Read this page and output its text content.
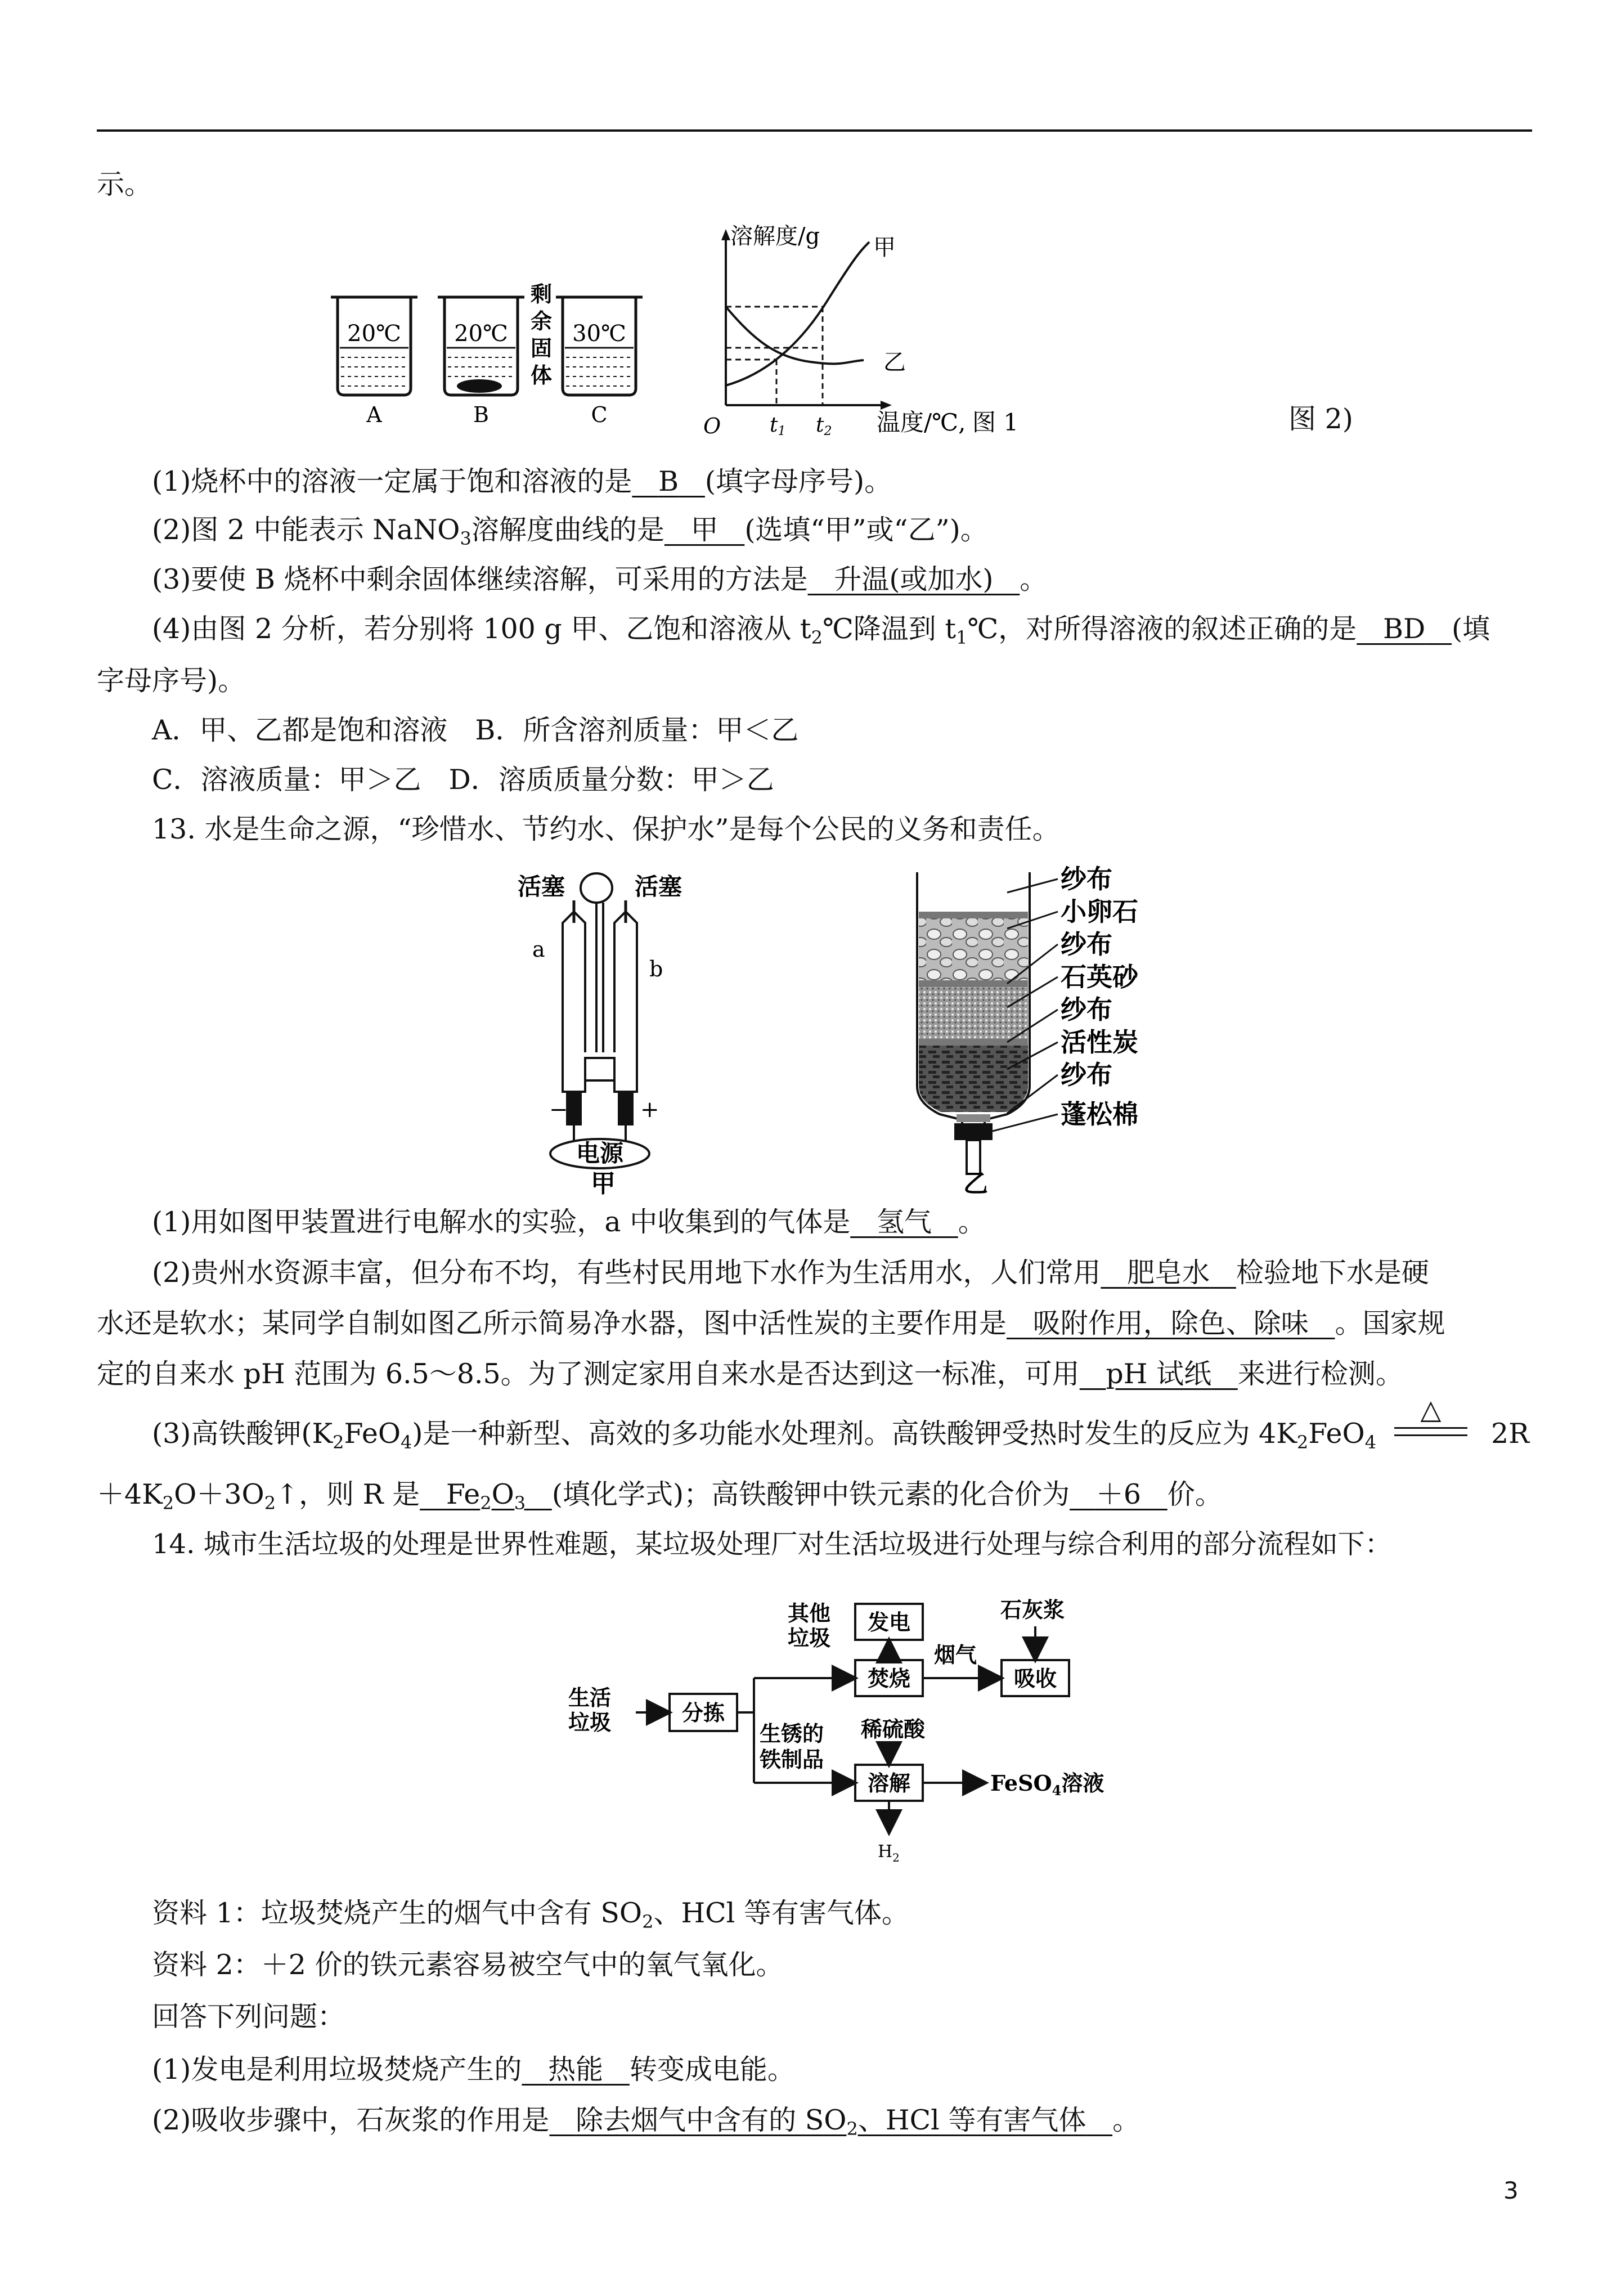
示。
20℃
A
20℃
B
剩
余
固
体
30℃
C
溶解度/g 甲
乙
O t1 t2 温度/℃, 图 1	图 2)
(1)烧杯中的溶液一定属于饱和溶液的是 B (填字母序号)。
(2)图 2 中能表示 NaNO$_3$溶解度曲线的是 甲 (选填“甲”或“乙”)。
(3)要使 B 烧杯中剩余固体继续溶解，可采用的方法是 升温(或加水) 。
(4)由图 2 分析，若分别将 100 g 甲、乙饱和溶液从 $t_2℃$降温到 $t_1℃$，对所得溶液的叙述正确的是 BD (填
字母序号)。
A．甲、乙都是饱和溶液　B．所含溶剂质量：甲＜乙
C．溶液质量：甲＞乙　D．溶质质量分数：甲＞乙
13. 水是生命之源，“珍惜水、节约水、保护水”是每个公民的义务和责任。
活塞	活塞
a
b
−	+
电源
甲
纱布
小卵石
纱布
石英砂
纱布
活性炭
纱布
蓬松棉
乙
(1)用如图甲装置进行电解水的实验，a 中收集到的气体是 氢气 。
(2)贵州水资源丰富，但分布不均，有些村民用地下水作为生活用水，人们常用 肥皂水 检验地下水是硬
水还是软水；某同学自制如图乙所示简易净水器，图中活性炭的主要作用是 吸附作用，除色、除味 。国家规
定的自来水 pH 范围为 6.5～8.5。为了测定家用自来水是否达到这一标准，可用 pH 试纸 来进行检测。
(3)高铁酸钾$(K_2FeO_4)$是一种新型、高效的多功能水处理剂。高铁酸钾受热时发生的反应为 $4K_2FeO_4$
△
2R
$+4K_2O+3O_2↑$，则 R 是 $Fe_2O_3$ (填化学式)；高铁酸钾中铁元素的化合价为 ＋6 价。
14. 城市生活垃圾的处理是世界性难题，某垃圾处理厂对生活垃圾进行处理与综合利用的部分流程如下：
生活
垃圾	分拣
其他
垃圾
发电
焚烧
烟气
吸收
石灰浆
生锈的
铁制品
稀硫酸
溶解	FeSO$_4$溶液
$H_2$
资料 1：垃圾焚烧产生的烟气中含有 $SO_2$、HCl 等有害气体。
资料 2：＋2 价的铁元素容易被空气中的氧气氧化。
回答下列问题：
(1)发电是利用垃圾焚烧产生的 热能 转变成电能。
(2)吸收步骤中，石灰浆的作用是 除去烟气中含有的 $SO_2$、HCl 等有害气体 。
3
